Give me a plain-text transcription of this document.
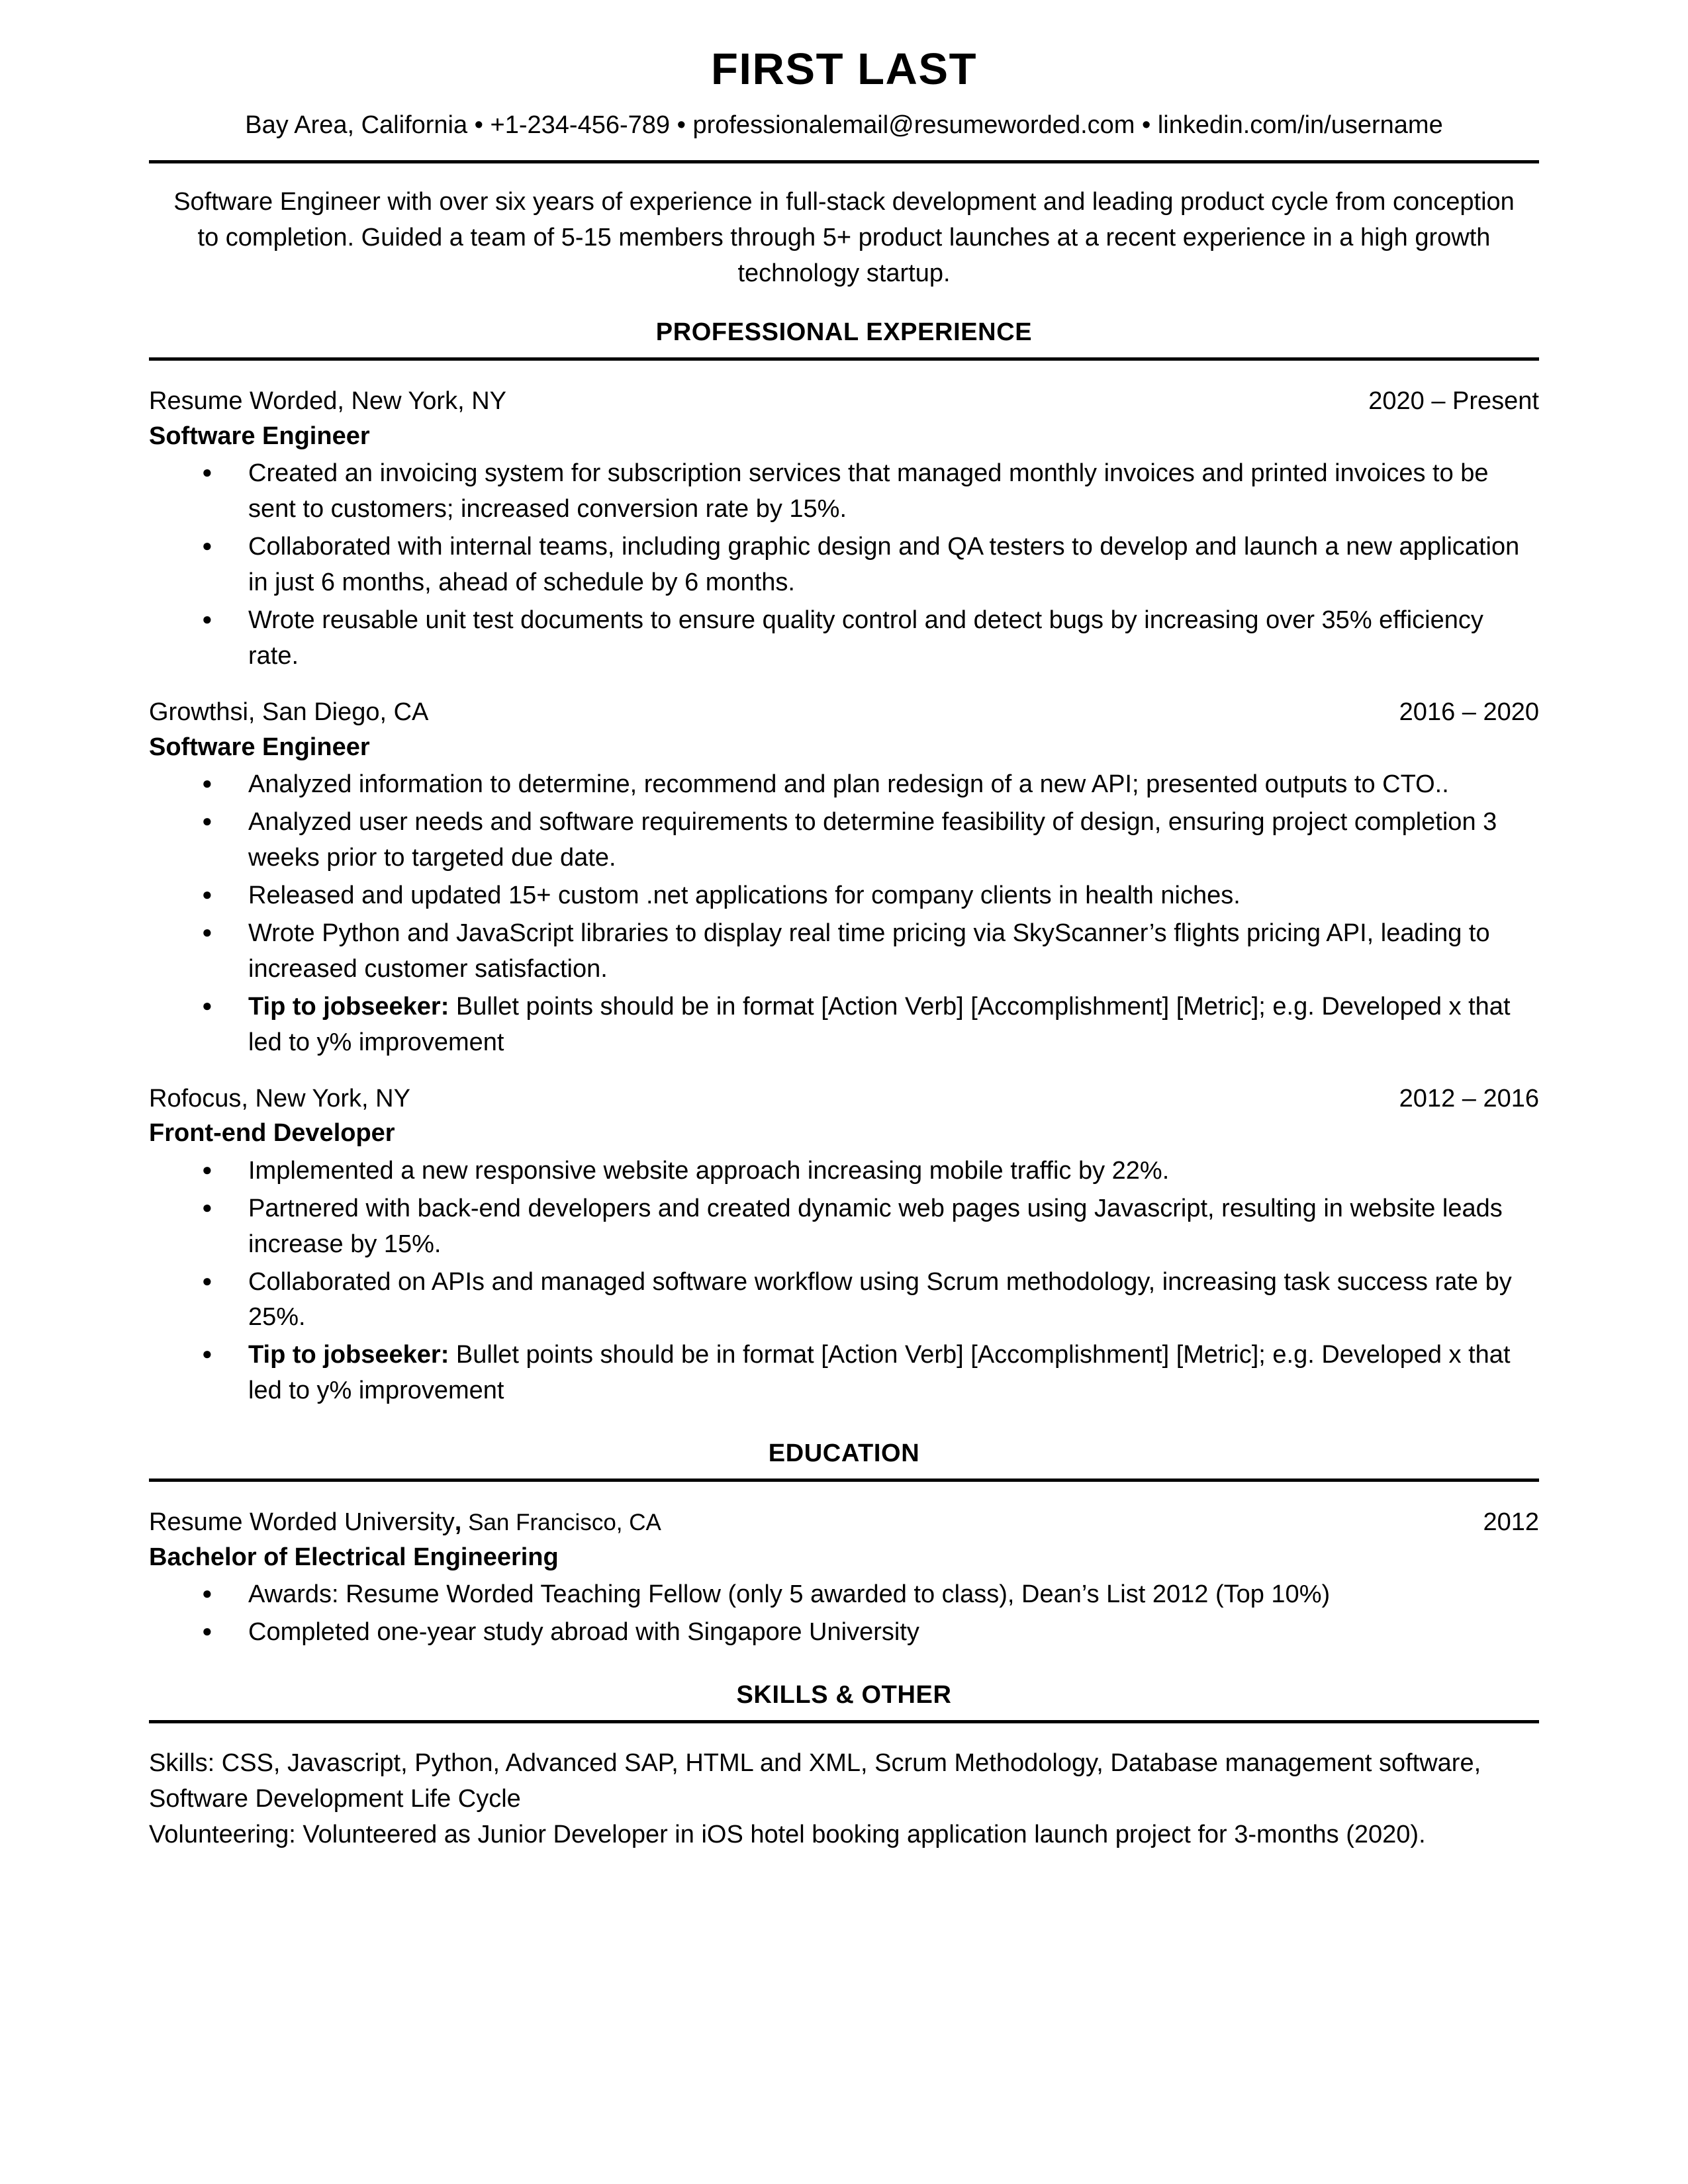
FIRST LAST
Bay Area, California • +1-234-456-789 • professionalemail@resumeworded.com • linkedin.com/in/username

Software Engineer with over six years of experience in full-stack development and leading product cycle from conception to completion. Guided a team of 5-15 members through 5+ product launches at a recent experience in a high growth technology startup.

PROFESSIONAL EXPERIENCE
Resume Worded, New York, NY	2020 – Present
Software Engineer
● Created an invoicing system for subscription services that managed monthly invoices and printed invoices to be sent to customers; increased conversion rate by 15%.
● Collaborated with internal teams, including graphic design and QA testers to develop and launch a new application in just 6 months, ahead of schedule by 6 months.
● Wrote reusable unit test documents to ensure quality control and detect bugs by increasing over 35% efficiency rate.
Growthsi, San Diego, CA	2016 – 2020
Software Engineer
● Analyzed information to determine, recommend and plan redesign of a new API; presented outputs to CTO..
● Analyzed user needs and software requirements to determine feasibility of design, ensuring project completion 3 weeks prior to targeted due date.
● Released and updated 15+ custom .net applications for company clients in health niches.
● Wrote Python and JavaScript libraries to display real time pricing via SkyScanner’s flights pricing API, leading to increased customer satisfaction.
● Tip to jobseeker: Bullet points should be in format [Action Verb] [Accomplishment] [Metric]; e.g. Developed x that led to y% improvement
Rofocus, New York, NY	2012 – 2016
Front-end Developer
● Implemented a new responsive website approach increasing mobile traffic by 22%.
● Partnered with back-end developers and created dynamic web pages using Javascript, resulting in website leads increase by 15%.
● Collaborated on APIs and managed software workflow using Scrum methodology, increasing task success rate by 25%.
● Tip to jobseeker: Bullet points should be in format [Action Verb] [Accomplishment] [Metric]; e.g. Developed x that led to y% improvement
EDUCATION
Resume Worded University, San Francisco, CA	2012
Bachelor of Electrical Engineering
● Awards: Resume Worded Teaching Fellow (only 5 awarded to class), Dean’s List 2012 (Top 10%)
● Completed one-year study abroad with Singapore University
SKILLS & OTHER

Skills: CSS, Javascript, Python, Advanced SAP, HTML and XML, Scrum Methodology, Database management software, Software Development Life Cycle

Volunteering: Volunteered as Junior Developer in iOS hotel booking application launch project for 3-months (2020).
